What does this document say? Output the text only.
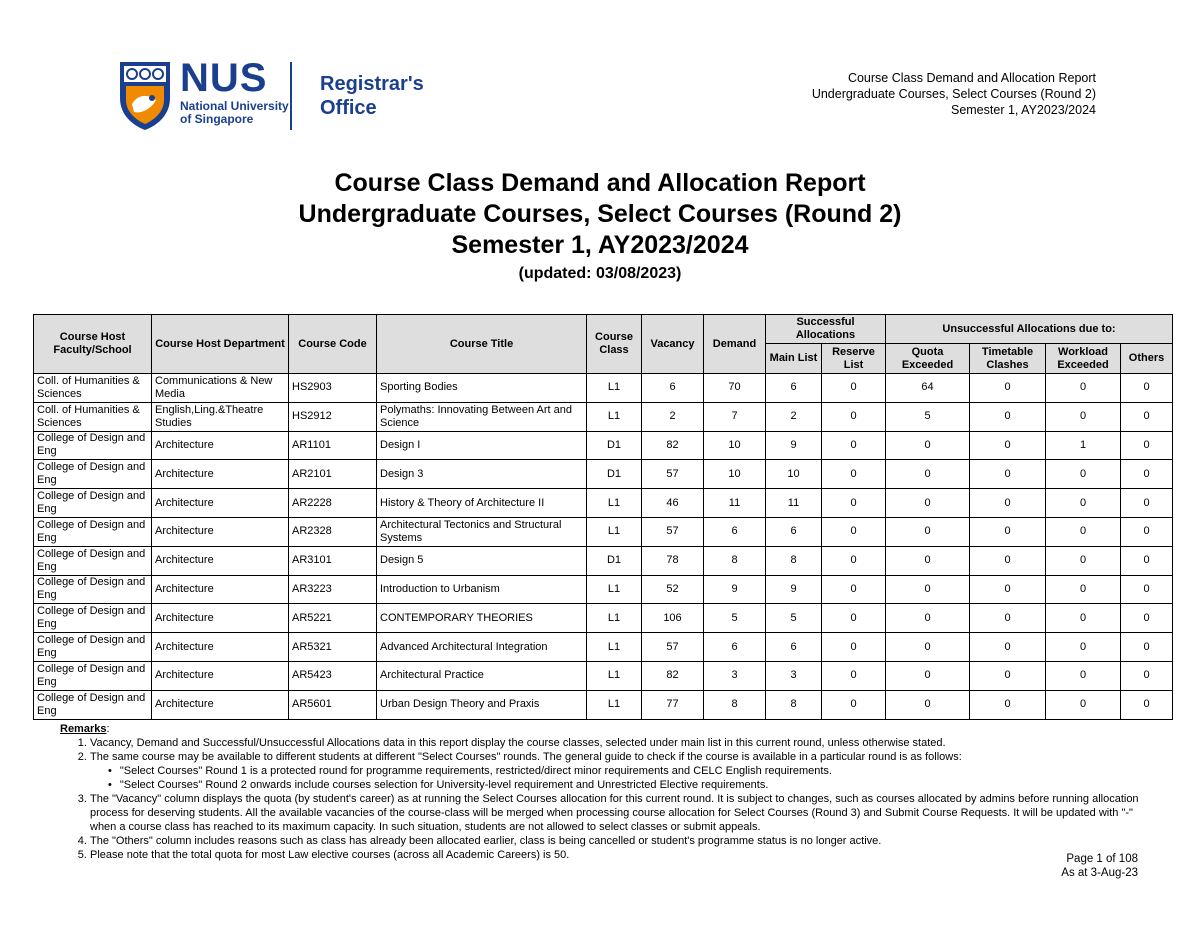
NUS
National University
of Singapore
Registrar's
Office
Course Class Demand and Allocation Report
Undergraduate Courses, Select Courses (Round 2)
Semester 1, AY2023/2024
Course Class Demand and Allocation Report
Undergraduate Courses, Select Courses (Round 2)
Semester 1, AY2023/2024
(updated: 03/08/2023)
Course Host Faculty/School	Course Host Department	Course Code	Course Title	Course Class	Vacancy	Demand	Successful Allocations		Unsuccessful Allocations due to:			
							Main List	Reserve List	Quota Exceeded	Timetable Clashes	Workload Exceeded	Others
Coll. of Humanities & Sciences	Communications & New Media	HS2903	Sporting Bodies	L1	6	70	6	0	64	0	0	0
Coll. of Humanities & Sciences	English,Ling.&Theatre Studies	HS2912	Polymaths: Innovating Between Art and Science	L1	2	7	2	0	5	0	0	0
College of Design and Eng	Architecture	AR1101	Design I	D1	82	10	9	0	0	0	1	0
College of Design and Eng	Architecture	AR2101	Design 3	D1	57	10	10	0	0	0	0	0
College of Design and Eng	Architecture	AR2228	History & Theory of Architecture II	L1	46	11	11	0	0	0	0	0
College of Design and Eng	Architecture	AR2328	Architectural Tectonics and Structural Systems	L1	57	6	6	0	0	0	0	0
College of Design and Eng	Architecture	AR3101	Design 5	D1	78	8	8	0	0	0	0	0
College of Design and Eng	Architecture	AR3223	Introduction to Urbanism	L1	52	9	9	0	0	0	0	0
College of Design and Eng	Architecture	AR5221	CONTEMPORARY THEORIES	L1	106	5	5	0	0	0	0	0
College of Design and Eng	Architecture	AR5321	Advanced Architectural Integration	L1	57	6	6	0	0	0	0	0
College of Design and Eng	Architecture	AR5423	Architectural Practice	L1	82	3	3	0	0	0	0	0
College of Design and Eng	Architecture	AR5601	Urban Design Theory and Praxis	L1	77	8	8	0	0	0	0	0
Remarks:
1. Vacancy, Demand and Successful/Unsuccessful Allocations data in this report display the course classes, selected under main list in this current round, unless otherwise stated.
2. The same course may be available to different students at different "Select Courses" rounds. The general guide to check if the course is available in a particular round is as follows:
• "Select Courses" Round 1 is a protected round for programme requirements, restricted/direct minor requirements and CELC English requirements.
• "Select Courses" Round 2 onwards include courses selection for University-level requirement and Unrestricted Elective requirements.
3. The "Vacancy" column displays the quota (by student's career) as at running the Select Courses allocation for this current round. It is subject to changes, such as courses allocated by admins before running allocation process for deserving students. All the available vacancies of the course-class will be merged when processing course allocation for Select Courses (Round 3) and Submit Course Requests. It will be updated with "-" when a course class has reached to its maximum capacity. In such situation, students are not allowed to select classes or submit appeals.
4. The "Others" column includes reasons such as class has already been allocated earlier, class is being cancelled or student's programme status is no longer active.
5. Please note that the total quota for most Law elective courses (across all Academic Careers) is 50.	Page 1 of 108
As at 3-Aug-23
